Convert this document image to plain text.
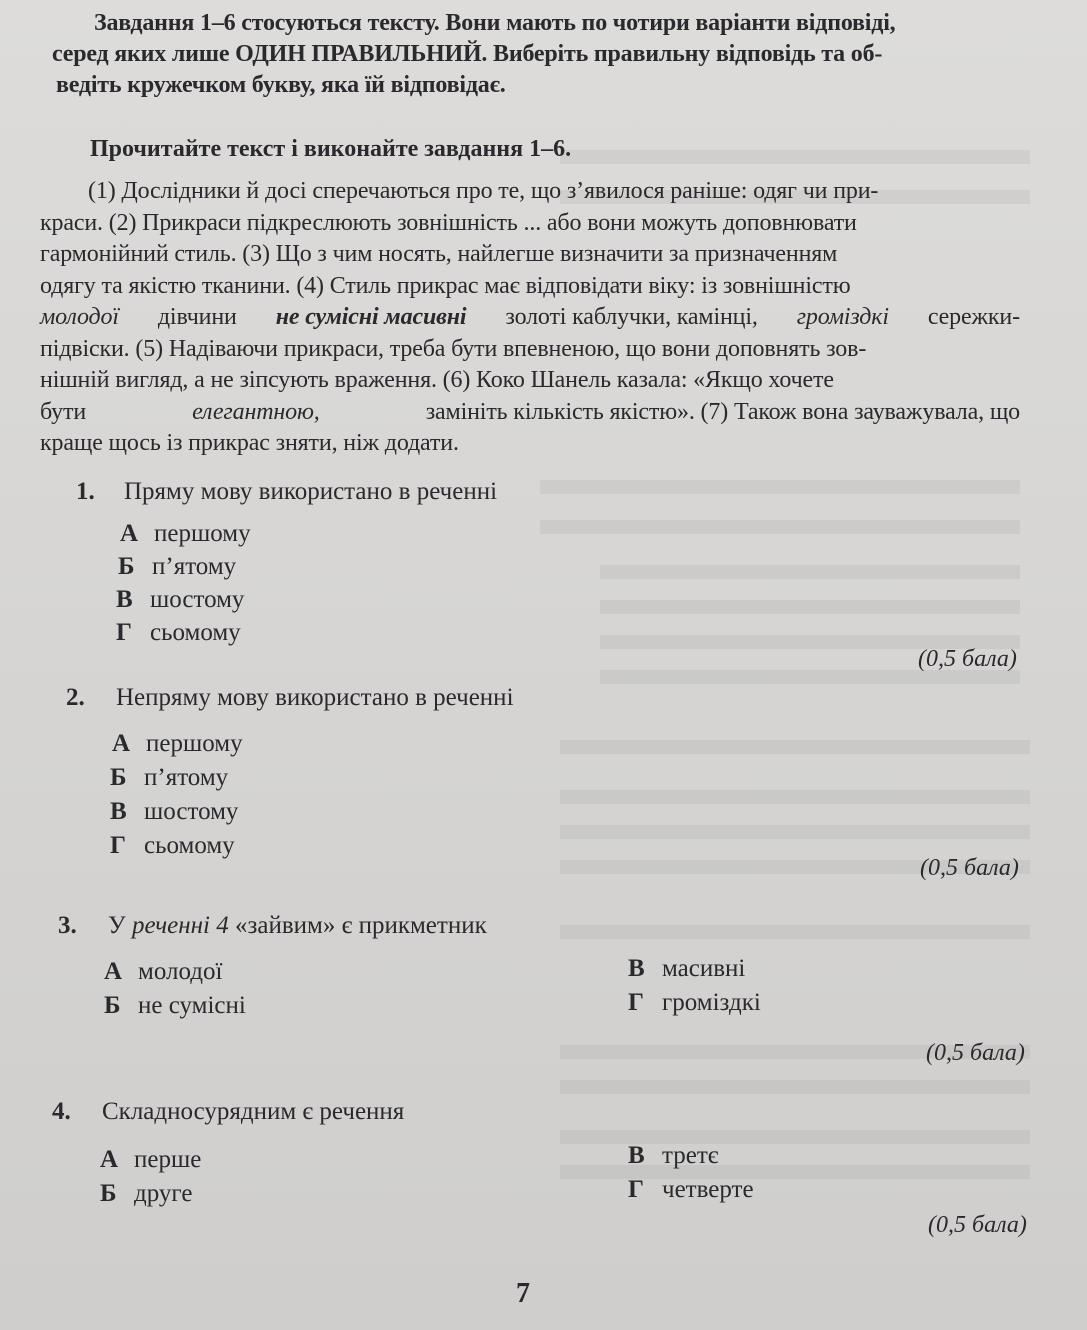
Завдання 1–6 стосуються тексту. Вони мають по чотири варіанти відповіді,
серед яких лише ОДИН ПРАВИЛЬНИЙ. Виберіть правильну відповідь та об-
ведіть кружечком букву, яка їй відповідає.
Прочитайте текст і виконайте завдання 1–6.
(1) Дослідники й досі сперечаються про те, що з’явилося раніше: одяг чи при-
краси. (2) Прикраси підкреслюють зовнішність ... або вони можуть доповнювати
гармонійний стиль. (3) Що з чим носять, найлегше визначити за призначенням
одягу та якістю тканини. (4) Стиль прикрас має відповідати віку: із зовнішністю
молодої дівчини не сумісні масивні золоті каблучки, камінці, громіздкі сережки-
підвіски. (5) Надіваючи прикраси, треба бути впевненою, що вони доповнять зов-
нішній вигляд, а не зіпсують враження. (6) Коко Шанель казала: «Якщо хочете
бути	елегантною,	замініть кількість якістю». (7) Також вона зауважувала, що
краще щось із прикрас зняти, ніж додати.
1. Пряму мову використано в реченні
А першому
Б п’ятому
В шостому
Г сьомому
(0,5 бала)
2. Непряму мову використано в реченні
А першому
Б п’ятому
В шостому
Г сьомому
(0,5 бала)
3. У реченні 4 «зайвим» є прикметник
А молодої
Б не сумісні
В масивні
Г громіздкі
(0,5 бала)
4. Складносурядним є речення
А перше
Б друге
В третє
Г четверте
(0,5 бала)
7
